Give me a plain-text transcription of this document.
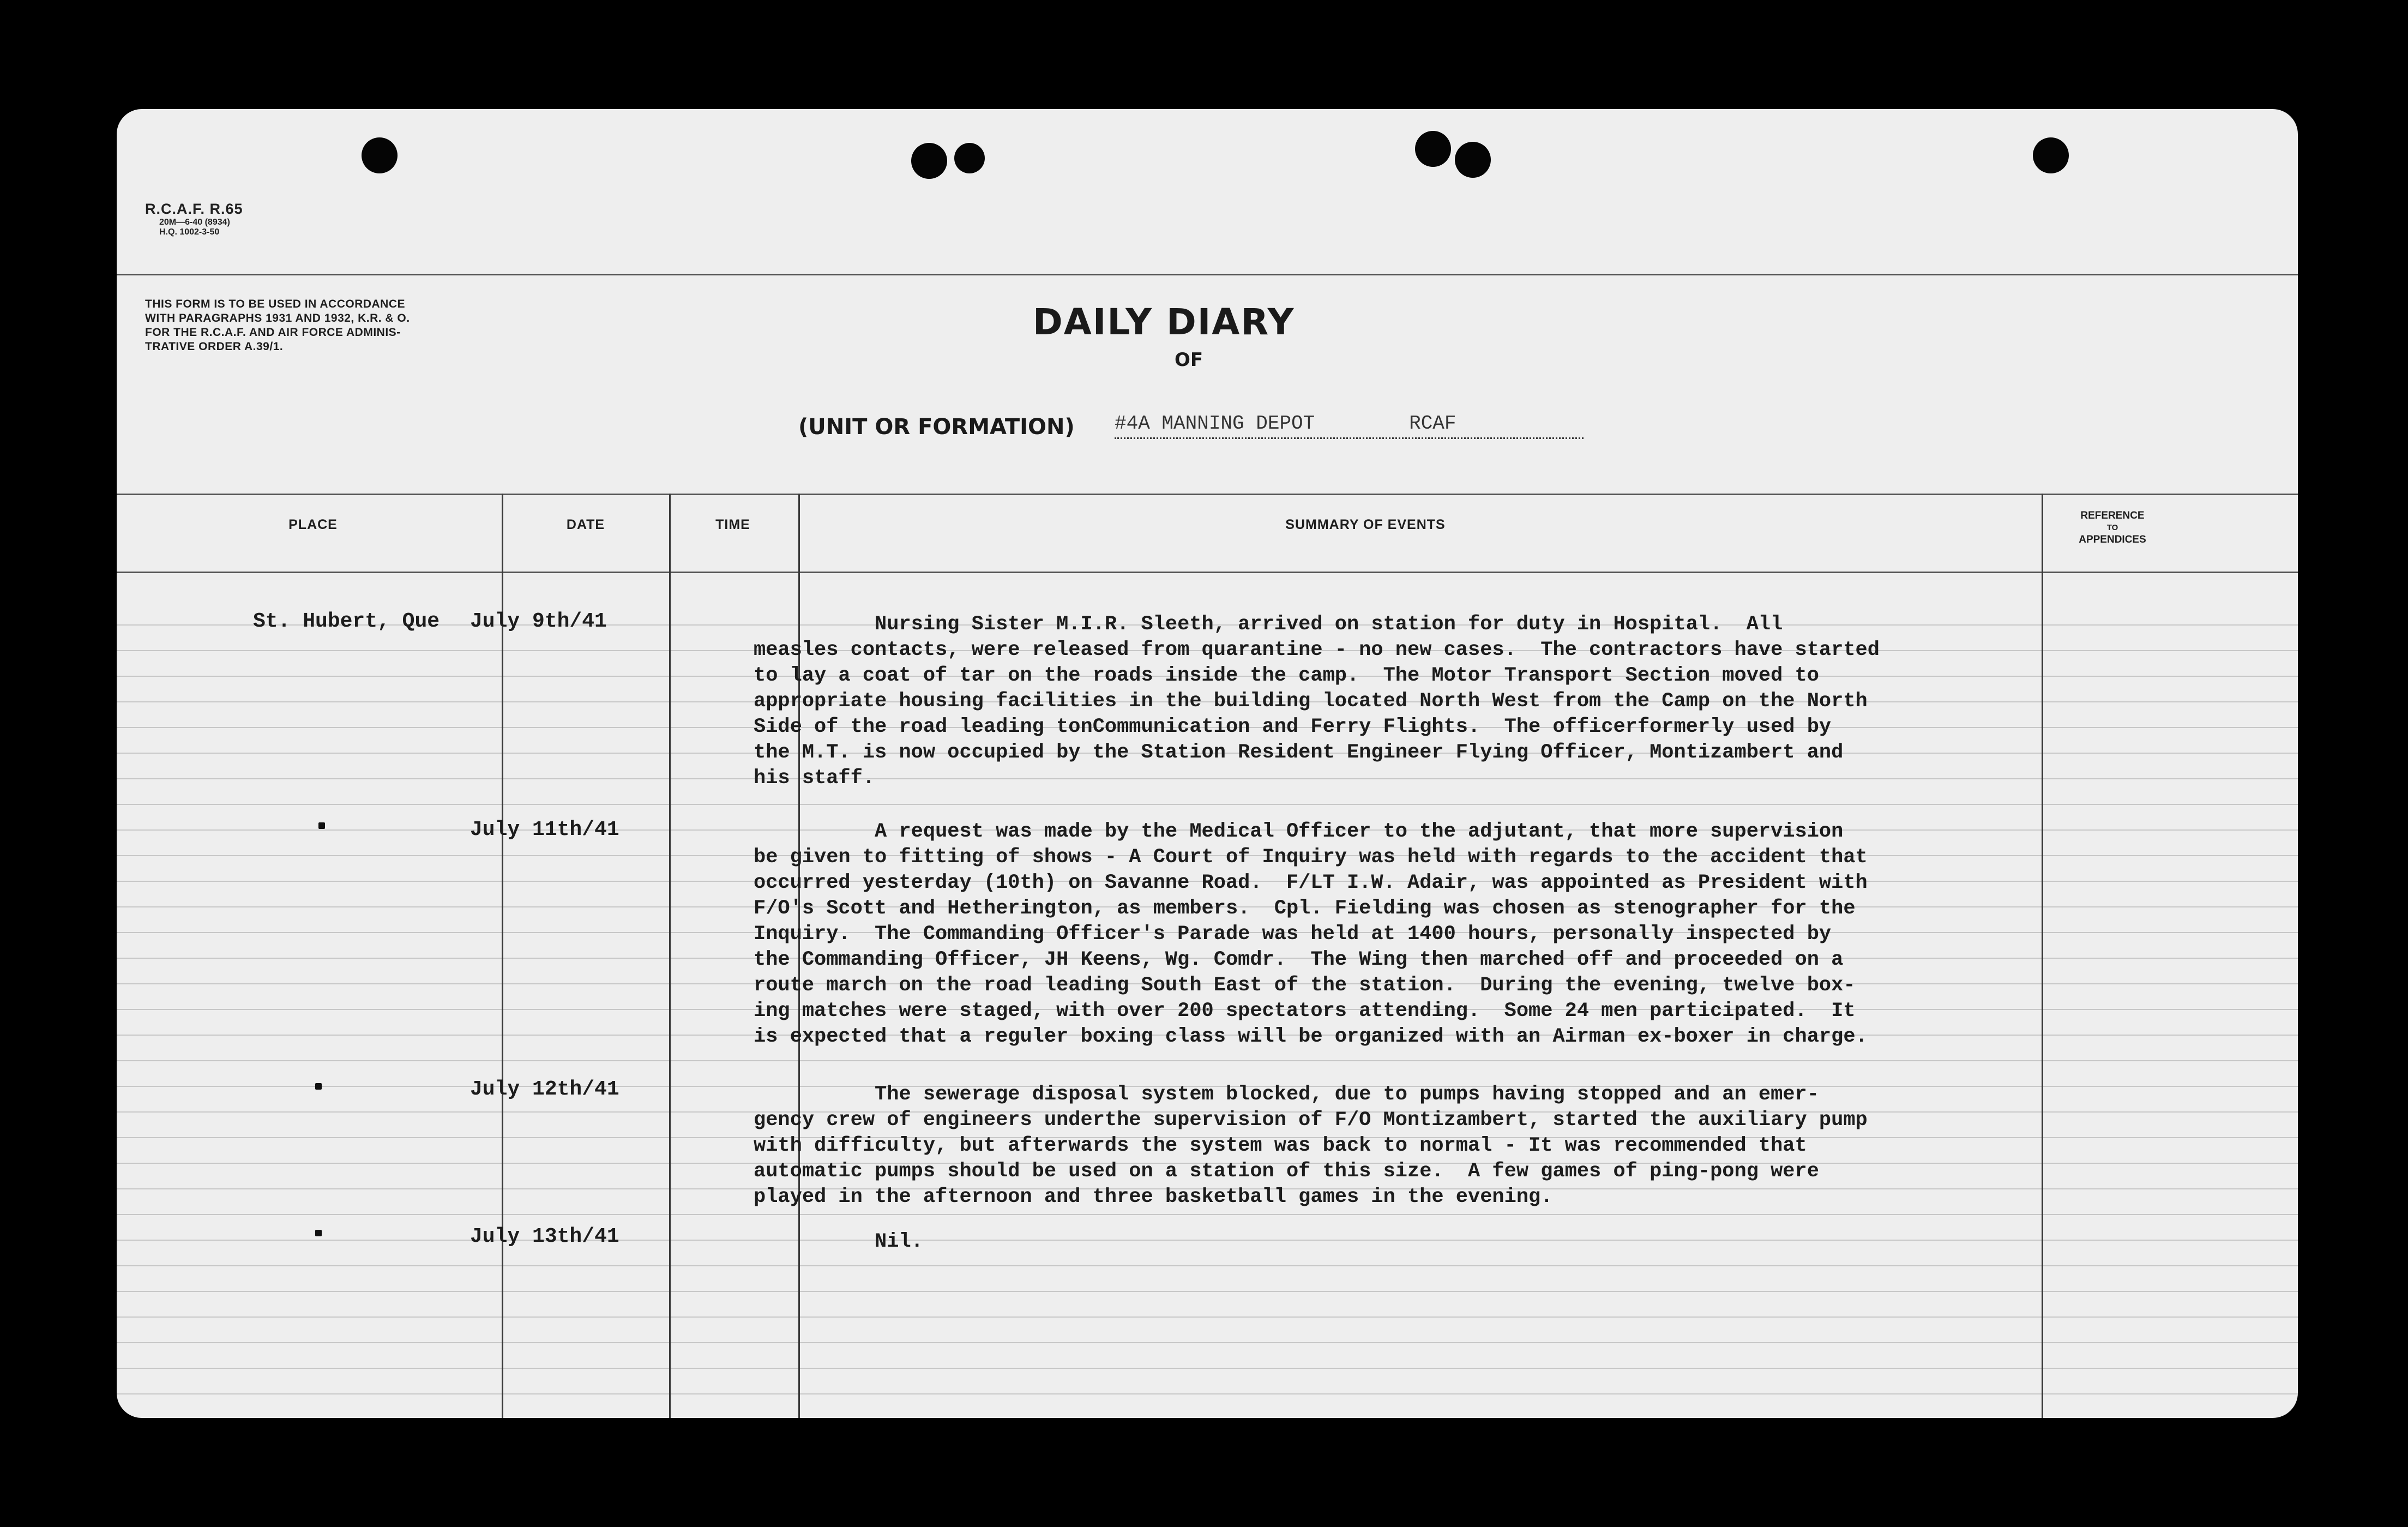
R.C.A.F. R.65
20M—6-40 (8934)
H.Q. 1002-3-50
THIS FORM IS TO BE USED IN ACCORDANCE
WITH PARAGRAPHS 1931 AND 1932, K.R. & O.
FOR THE R.C.A.F. AND AIR FORCE ADMINIS-
TRATIVE ORDER A.39/1.
DAILY DIARY
OF
(UNIT OR FORMATION) #4A MANNING DEPOT        RCAF
PLACE	DATE	TIME	SUMMARY OF EVENTS
REFERENCE
TO
APPENDICES
St. Hubert, Que July 9th/41	Nursing Sister M.I.R. Sleeth, arrived on station for duty in Hospital.  All
measles contacts, were released from quarantine - no new cases.  The contractors have started
to lay a coat of tar on the roads inside the camp.  The Motor Transport Section moved to
appropriate housing facilities in the building located North West from the Camp on the North
Side of the road leading tonCommunication and Ferry Flights.  The officerformerly used by
the M.T. is now occupied by the Station Resident Engineer Flying Officer, Montizambert and
his staff.
July 11th/41	A request was made by the Medical Officer to the adjutant, that more supervision
be given to fitting of shows - A Court of Inquiry was held with regards to the accident that
occurred yesterday (10th) on Savanne Road.  F/LT I.W. Adair, was appointed as President with
F/O's Scott and Hetherington, as members.  Cpl. Fielding was chosen as stenographer for the
Inquiry.  The Commanding Officer's Parade was held at 1400 hours, personally inspected by
the Commanding Officer, JH Keens, Wg. Comdr.  The Wing then marched off and proceeded on a
route march on the road leading South East of the station.  During the evening, twelve box-
ing matches were staged, with over 200 spectators attending.  Some 24 men participated.  It
is expected that a reguler boxing class will be organized with an Airman ex-boxer in charge.
July 12th/41	The sewerage disposal system blocked, due to pumps having stopped and an emer-
gency crew of engineers underthe supervision of F/O Montizambert, started the auxiliary pump
with difficulty, but afterwards the system was back to normal - It was recommended that
automatic pumps should be used on a station of this size.  A few games of ping-pong were
played in the afternoon and three basketball games in the evening.
July 13th/41	Nil.
